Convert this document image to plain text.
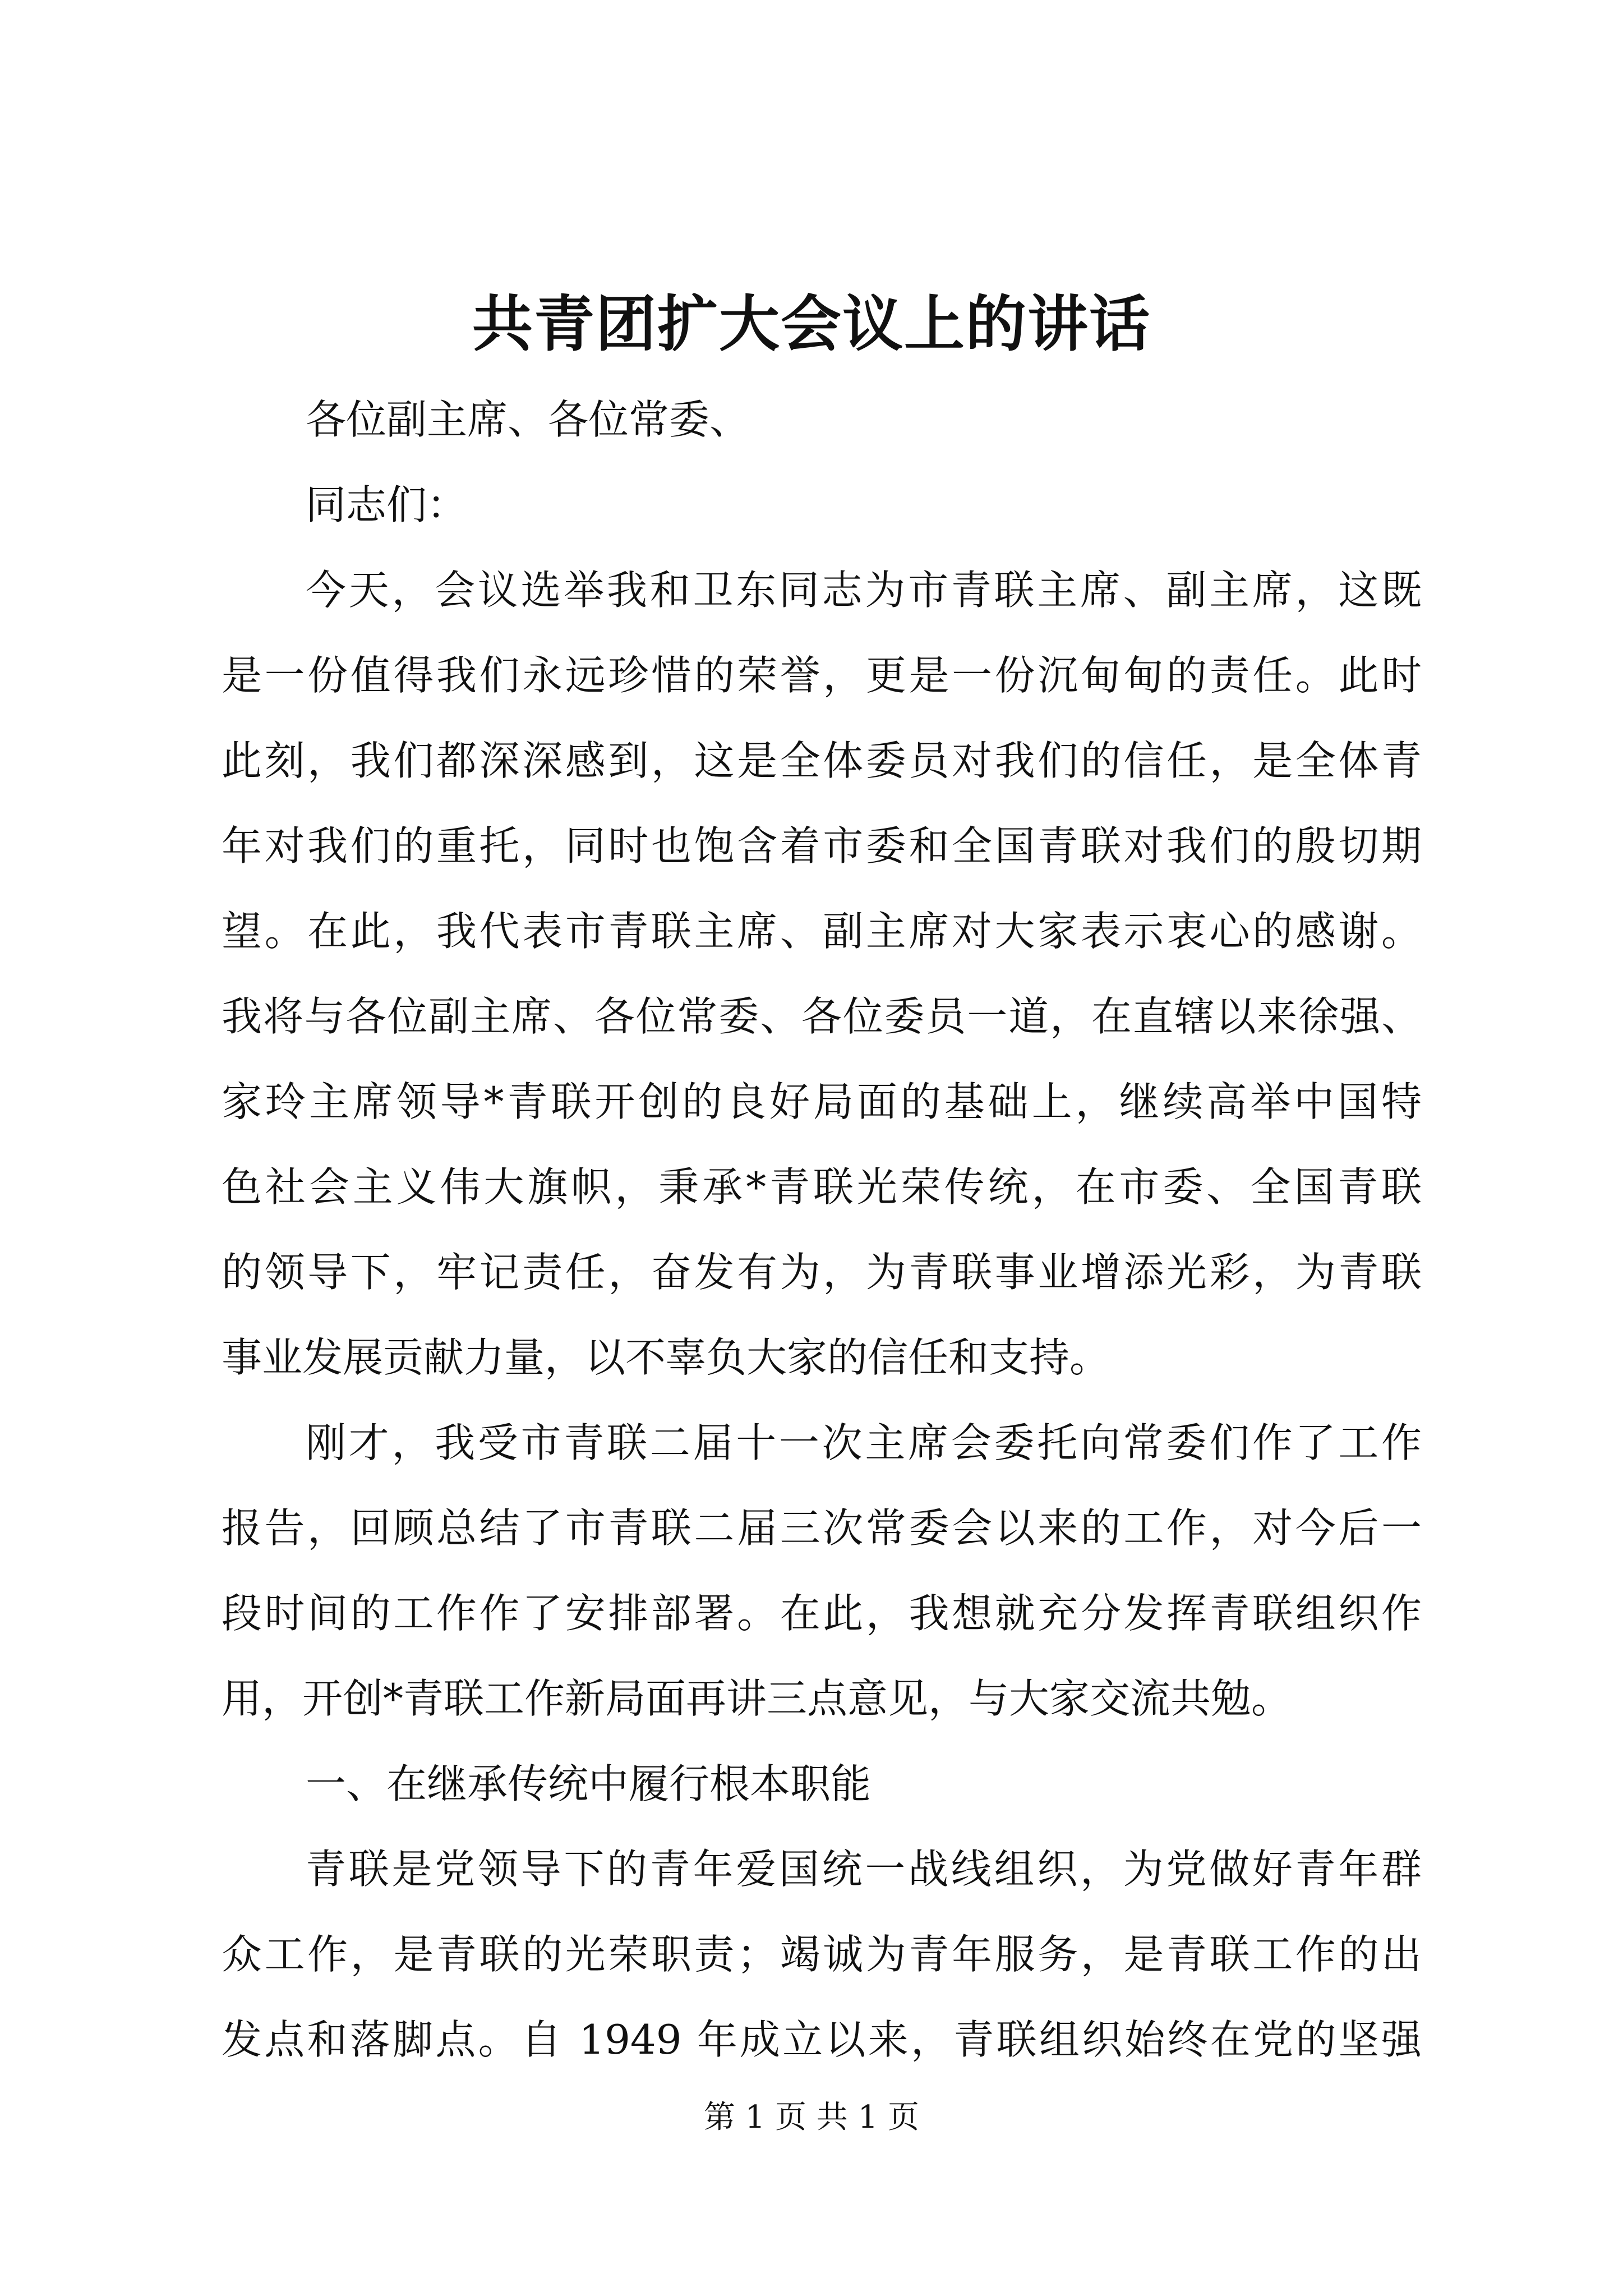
共青团扩大会议上的讲话
各位副主席、各位常委、
同志们：
今天，会议选举我和卫东同志为市青联主席、副主席，这既
是一份值得我们永远珍惜的荣誉，更是一份沉甸甸的责任。此时
此刻，我们都深深感到，这是全体委员对我们的信任，是全体青
年对我们的重托，同时也饱含着市委和全国青联对我们的殷切期
望。在此，我代表市青联主席、副主席对大家表示衷心的感谢。
我将与各位副主席、各位常委、各位委员一道，在直辖以来徐强、
家玲主席领导*青联开创的良好局面的基础上，继续高举中国特
色社会主义伟大旗帜，秉承*青联光荣传统，在市委、全国青联
的领导下，牢记责任，奋发有为，为青联事业增添光彩，为青联
事业发展贡献力量，以不辜负大家的信任和支持。
刚才，我受市青联二届十一次主席会委托向常委们作了工作
报告，回顾总结了市青联二届三次常委会以来的工作，对今后一
段时间的工作作了安排部署。在此，我想就充分发挥青联组织作
用，开创*青联工作新局面再讲三点意见，与大家交流共勉。
一、在继承传统中履行根本职能
青联是党领导下的青年爱国统一战线组织，为党做好青年群
众工作，是青联的光荣职责；竭诚为青年服务，是青联工作的出
发点和落脚点。自 1949 年成立以来，青联组织始终在党的坚强
第 1 页 共 1 页
